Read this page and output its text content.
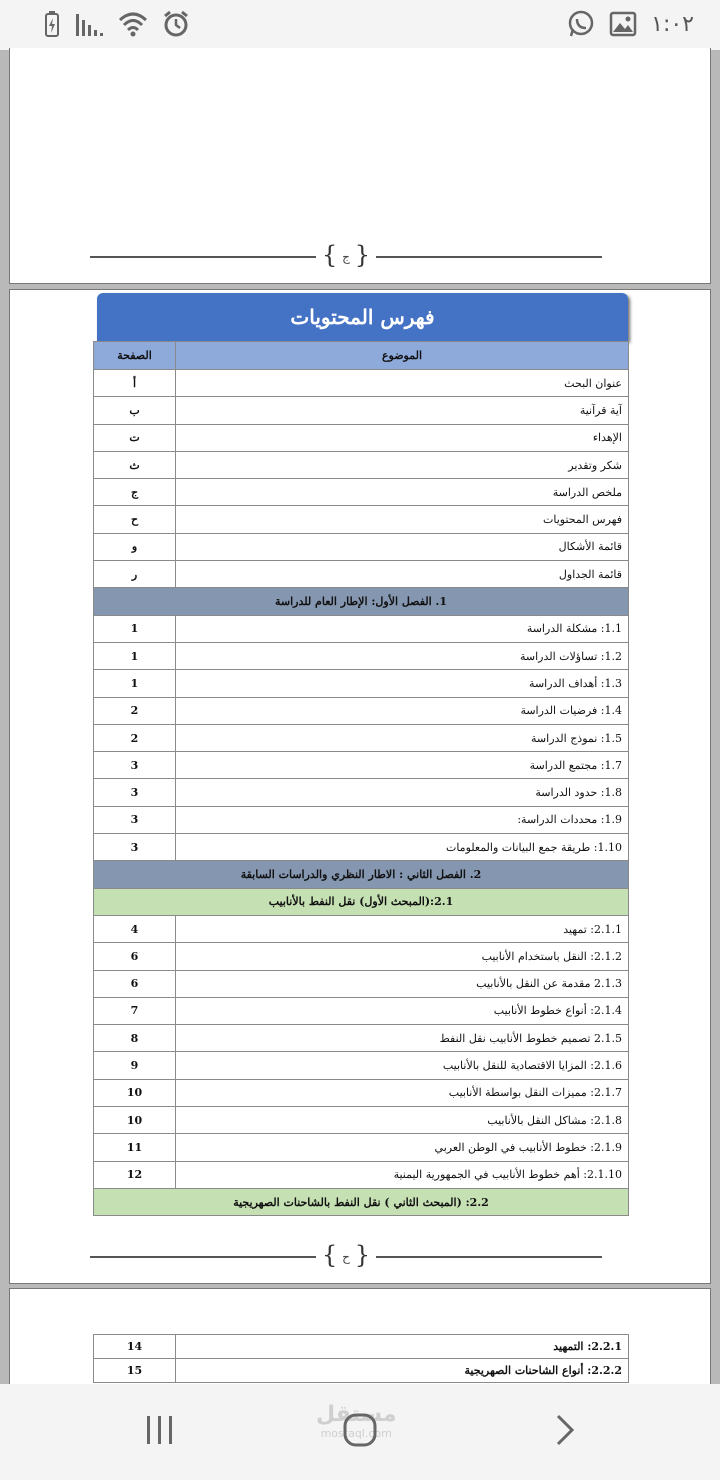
١:٠٢
{ ج }
فهرس المحتويات
الموضوع	الصفحة
عنوان البحث	أ
آية قرآنية	ب
الإهداء	ت
شكر وتقدير	ث
ملخص الدراسة	ج
فهرس المحتويات	ح
قائمة الأشكال	و
قائمة الجداول	ر
1. الفصل الأول: الإطار العام للدراسة	
1.1: مشكلة الدراسة	1
1.2: تساؤلات الدراسة	1
1.3: أهداف الدراسة	1
1.4: فرضيات الدراسة	2
1.5: نموذج الدراسة	2
1.7: مجتمع الدراسة	3
1.8: حدود الدراسة	3
1.9: محددات الدراسة:	3
1.10: طريقة جمع البيانات والمعلومات	3
2. الفصل الثاني : الاطار النظري والدراسات السابقة	
2.1:(المبحث الأول) نقل النفط بالأنابيب	
2.1.1: تمهيد	4
2.1.2: النقل باستخدام الأنابيب	6
2.1.3 مقدمة عن النقل بالأنابيب	6
2.1.4: أنواع خطوط الأنابيب	7
2.1.5 تصميم خطوط الأنابيب نقل النفط	8
2.1.6: المزايا الاقتصادية للنقل بالأنابيب	9
2.1.7: مميزات النقل بواسطة الأنابيب	10
2.1.8: مشاكل النقل بالأنابيب	10
2.1.9: خطوط الأنابيب في الوطن العربي	11
2.1.10: أهم خطوط الأنابيب في الجمهورية اليمنية	12
2.2: (المبحث الثاني ) نقل النفط بالشاحنات الصهريجية	
{ ح }
2.2.1: التمهيد	14
2.2.2: أنواع الشاحنات الصهريجية	15
مستقل
mostaql.com
